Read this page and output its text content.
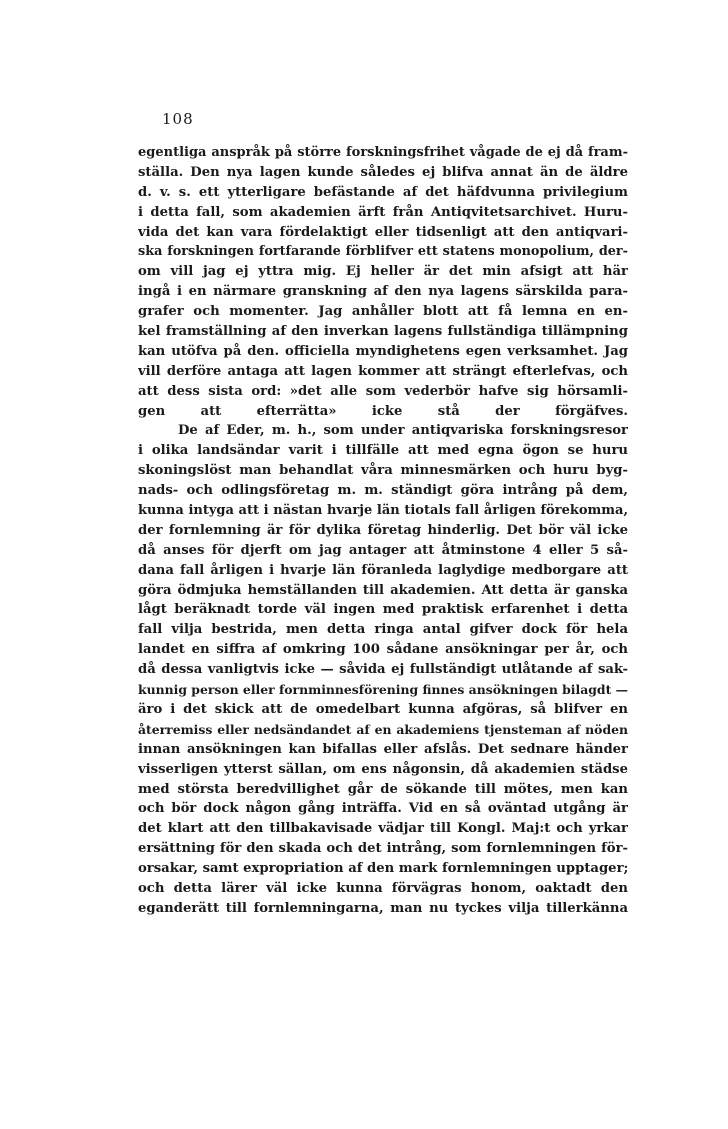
108
egentliga anspråk på större forskningsfrihet vågade de ej då fram-
ställa. Den nya lagen kunde således ej blifva annat än de äldre
d. v. s. ett ytterligare befästande af det häfdvunna privilegium
i detta fall, som akademien ärft från Antiqvitetsarchivet. Huru-
vida det kan vara fördelaktigt eller tidsenligt att den antiqvari-
ska forskningen fortfarande förblifver ett statens monopolium, der-
om vill jag ej yttra mig. Ej heller är det min afsigt att här
ingå i en närmare granskning af den nya lagens särskilda para-
grafer och momenter. Jag anhåller blott att få lemna en en-
kel framställning af den inverkan lagens fullständiga tillämpning
kan utöfva på den. officiella myndighetens egen verksamhet. Jag
vill derföre antaga att lagen kommer att strängt efterlefvas, och
att dess sista ord: »det alle som vederbör hafve sig hörsamli-
gen att efterrätta» icke stå der förgäfves.
De af Eder, m. h., som under antiqvariska forskningsresor
i olika landsändar varit i tillfälle att med egna ögon se huru
skoningslöst man behandlat våra minnesmärken och huru byg-
nads- och odlingsföretag m. m. ständigt göra intrång på dem,
kunna intyga att i nästan hvarje län tiotals fall årligen förekomma,
der fornlemning är för dylika företag hinderlig. Det bör väl icke
då anses för djerft om jag antager att åtminstone 4 eller 5 så-
dana fall årligen i hvarje län föranleda laglydige medborgare att
göra ödmjuka hemställanden till akademien. Att detta är ganska
lågt beräknadt torde väl ingen med praktisk erfarenhet i detta
fall vilja bestrida, men detta ringa antal gifver dock för hela
landet en siffra af omkring 100 sådane ansökningar per år, och
då dessa vanligtvis icke — såvida ej fullständigt utlåtande af sak-
kunnig person eller fornminnesförening finnes ansökningen bilagdt —
äro i det skick att de omedelbart kunna afgöras, så blifver en
återremiss eller nedsändandet af en akademiens tjensteman af nöden
innan ansökningen kan bifallas eller afslås. Det sednare händer
visserligen ytterst sällan, om ens någonsin, då akademien städse
med största beredvillighet går de sökande till mötes, men kan
och bör dock någon gång inträffa. Vid en så oväntad utgång är
det klart att den tillbakavisade vädjar till Kongl. Maj:t och yrkar
ersättning för den skada och det intrång, som fornlemningen för-
orsakar, samt expropriation af den mark fornlemningen upptager;
och detta lärer väl icke kunna förvägras honom, oaktadt den
eganderätt till fornlemningarna, man nu tyckes vilja tillerkänna
